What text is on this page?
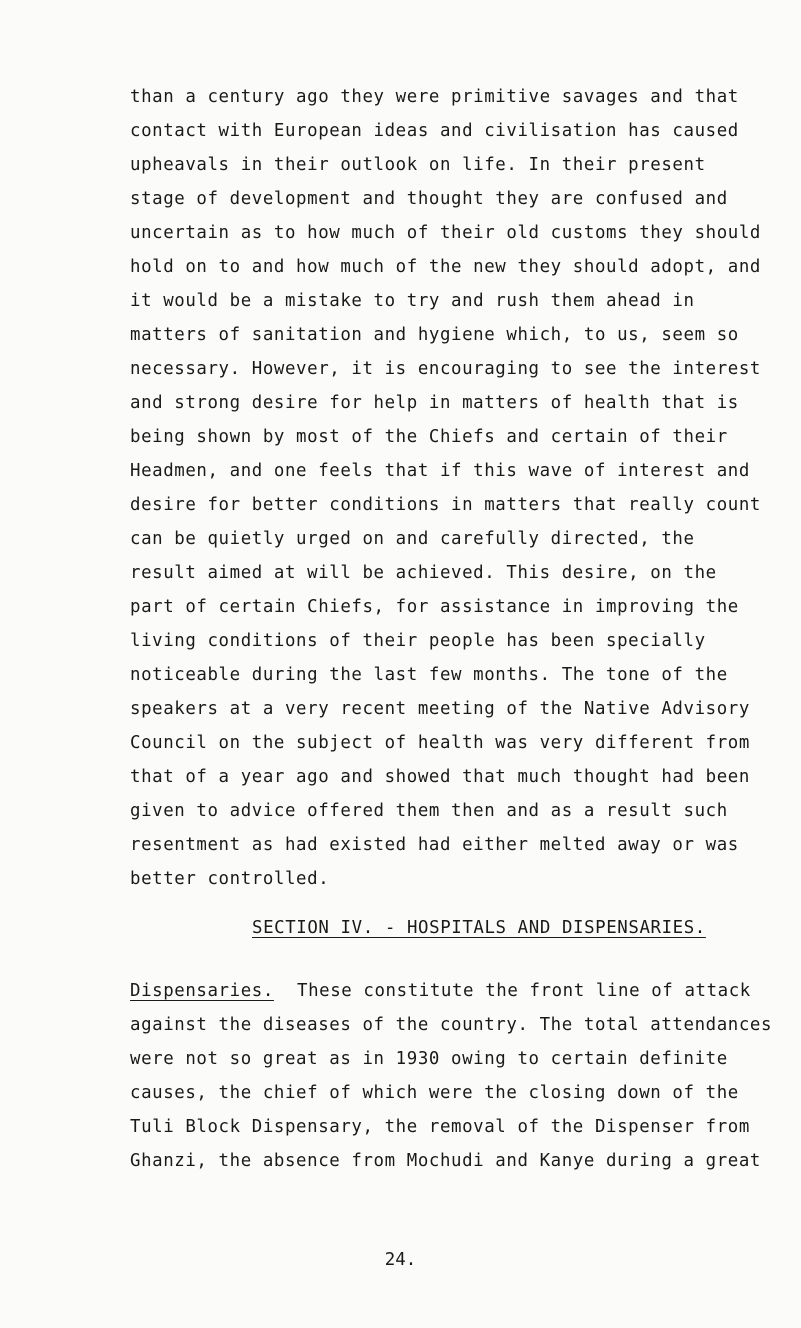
than a century ago they were primitive savages and that
contact with European ideas and civilisation has caused
upheavals in their outlook on life. In their present
stage of development and thought they are confused and
uncertain as to how much of their old customs they should
hold on to and how much of the new they should adopt, and
it would be a mistake to try and rush them ahead in
matters of sanitation and hygiene which, to us, seem so
necessary. However, it is encouraging to see the interest
and strong desire for help in matters of health that is
being shown by most of the Chiefs and certain of their
Headmen, and one feels that if this wave of interest and
desire for better conditions in matters that really count
can be quietly urged on and carefully directed, the
result aimed at will be achieved. This desire, on the
part of certain Chiefs, for assistance in improving the
living conditions of their people has been specially
noticeable during the last few months. The tone of the
speakers at a very recent meeting of the Native Advisory
Council on the subject of health was very different from
that of a year ago and showed that much thought had been
given to advice offered them then and as a result such
resentment as had existed had either melted away or was
better controlled.
SECTION IV. - HOSPITALS AND DISPENSARIES.
Dispensaries. These constitute the front line of attack
against the diseases of the country. The total attendances
were not so great as in 1930 owing to certain definite
causes, the chief of which were the closing down of the
Tuli Block Dispensary, the removal of the Dispenser from
Ghanzi, the absence from Mochudi and Kanye during a great
24.
